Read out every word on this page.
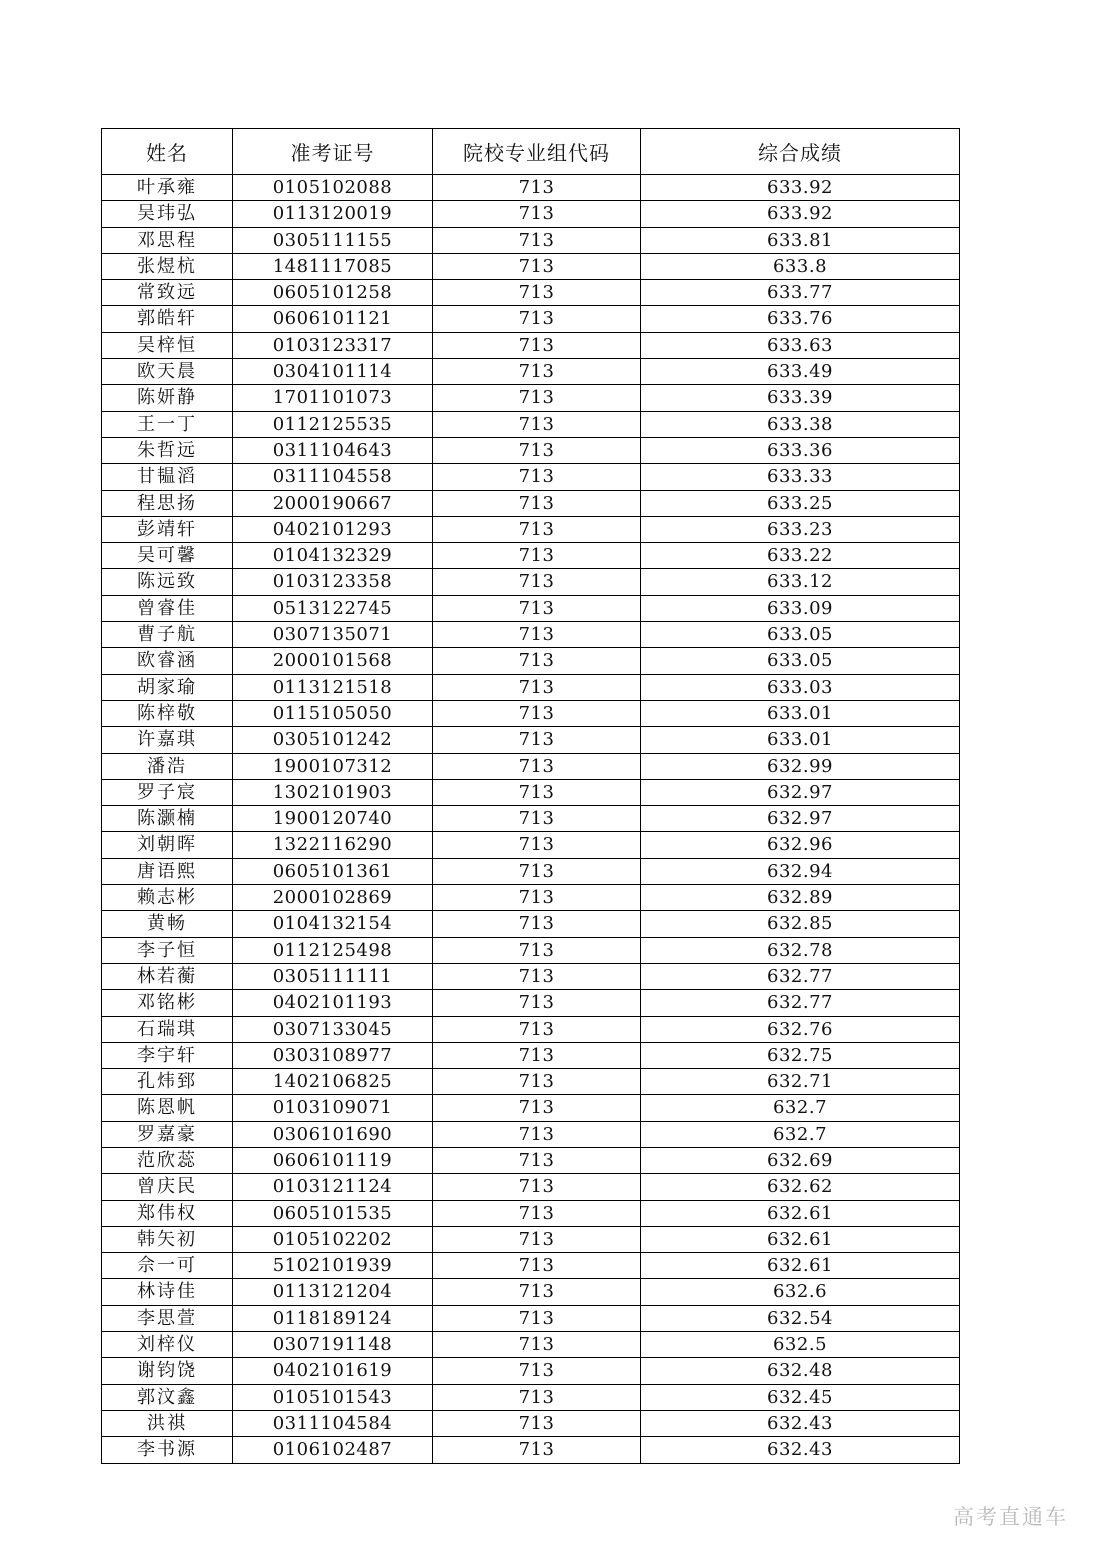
姓名	准考证号	院校专业组代码	综合成绩
叶承雍	0105102088	713	633.92
吴玮弘	0113120019	713	633.92
邓思程	0305111155	713	633.81
张煜杭	1481117085	713	633.8
常致远	0605101258	713	633.77
郭皓轩	0606101121	713	633.76
吴梓恒	0103123317	713	633.63
欧天晨	0304101114	713	633.49
陈妍静	1701101073	713	633.39
王一丁	0112125535	713	633.38
朱哲远	0311104643	713	633.36
甘韫滔	0311104558	713	633.33
程思扬	2000190667	713	633.25
彭靖轩	0402101293	713	633.23
吴可馨	0104132329	713	633.22
陈远致	0103123358	713	633.12
曾睿佳	0513122745	713	633.09
曹子航	0307135071	713	633.05
欧睿涵	2000101568	713	633.05
胡家瑜	0113121518	713	633.03
陈梓敬	0115105050	713	633.01
许嘉琪	0305101242	713	633.01
潘浩	1900107312	713	632.99
罗子宸	1302101903	713	632.97
陈灏楠	1900120740	713	632.97
刘朝晖	1322116290	713	632.96
唐语熙	0605101361	713	632.94
赖志彬	2000102869	713	632.89
黄畅	0104132154	713	632.85
李子恒	0112125498	713	632.78
林若蘅	0305111111	713	632.77
邓铭彬	0402101193	713	632.77
石瑞琪	0307133045	713	632.76
李宇轩	0303108977	713	632.75
孔炜郅	1402106825	713	632.71
陈恩帆	0103109071	713	632.7
罗嘉豪	0306101690	713	632.7
范欣蕊	0606101119	713	632.69
曾庆民	0103121124	713	632.62
郑伟权	0605101535	713	632.61
韩矢初	0105102202	713	632.61
佘一可	5102101939	713	632.61
林诗佳	0113121204	713	632.6
李思萱	0118189124	713	632.54
刘梓仪	0307191148	713	632.5
谢钧饶	0402101619	713	632.48
郭汶鑫	0105101543	713	632.45
洪祺	0311104584	713	632.43
李书源	0106102487	713	632.43
高考直通车
